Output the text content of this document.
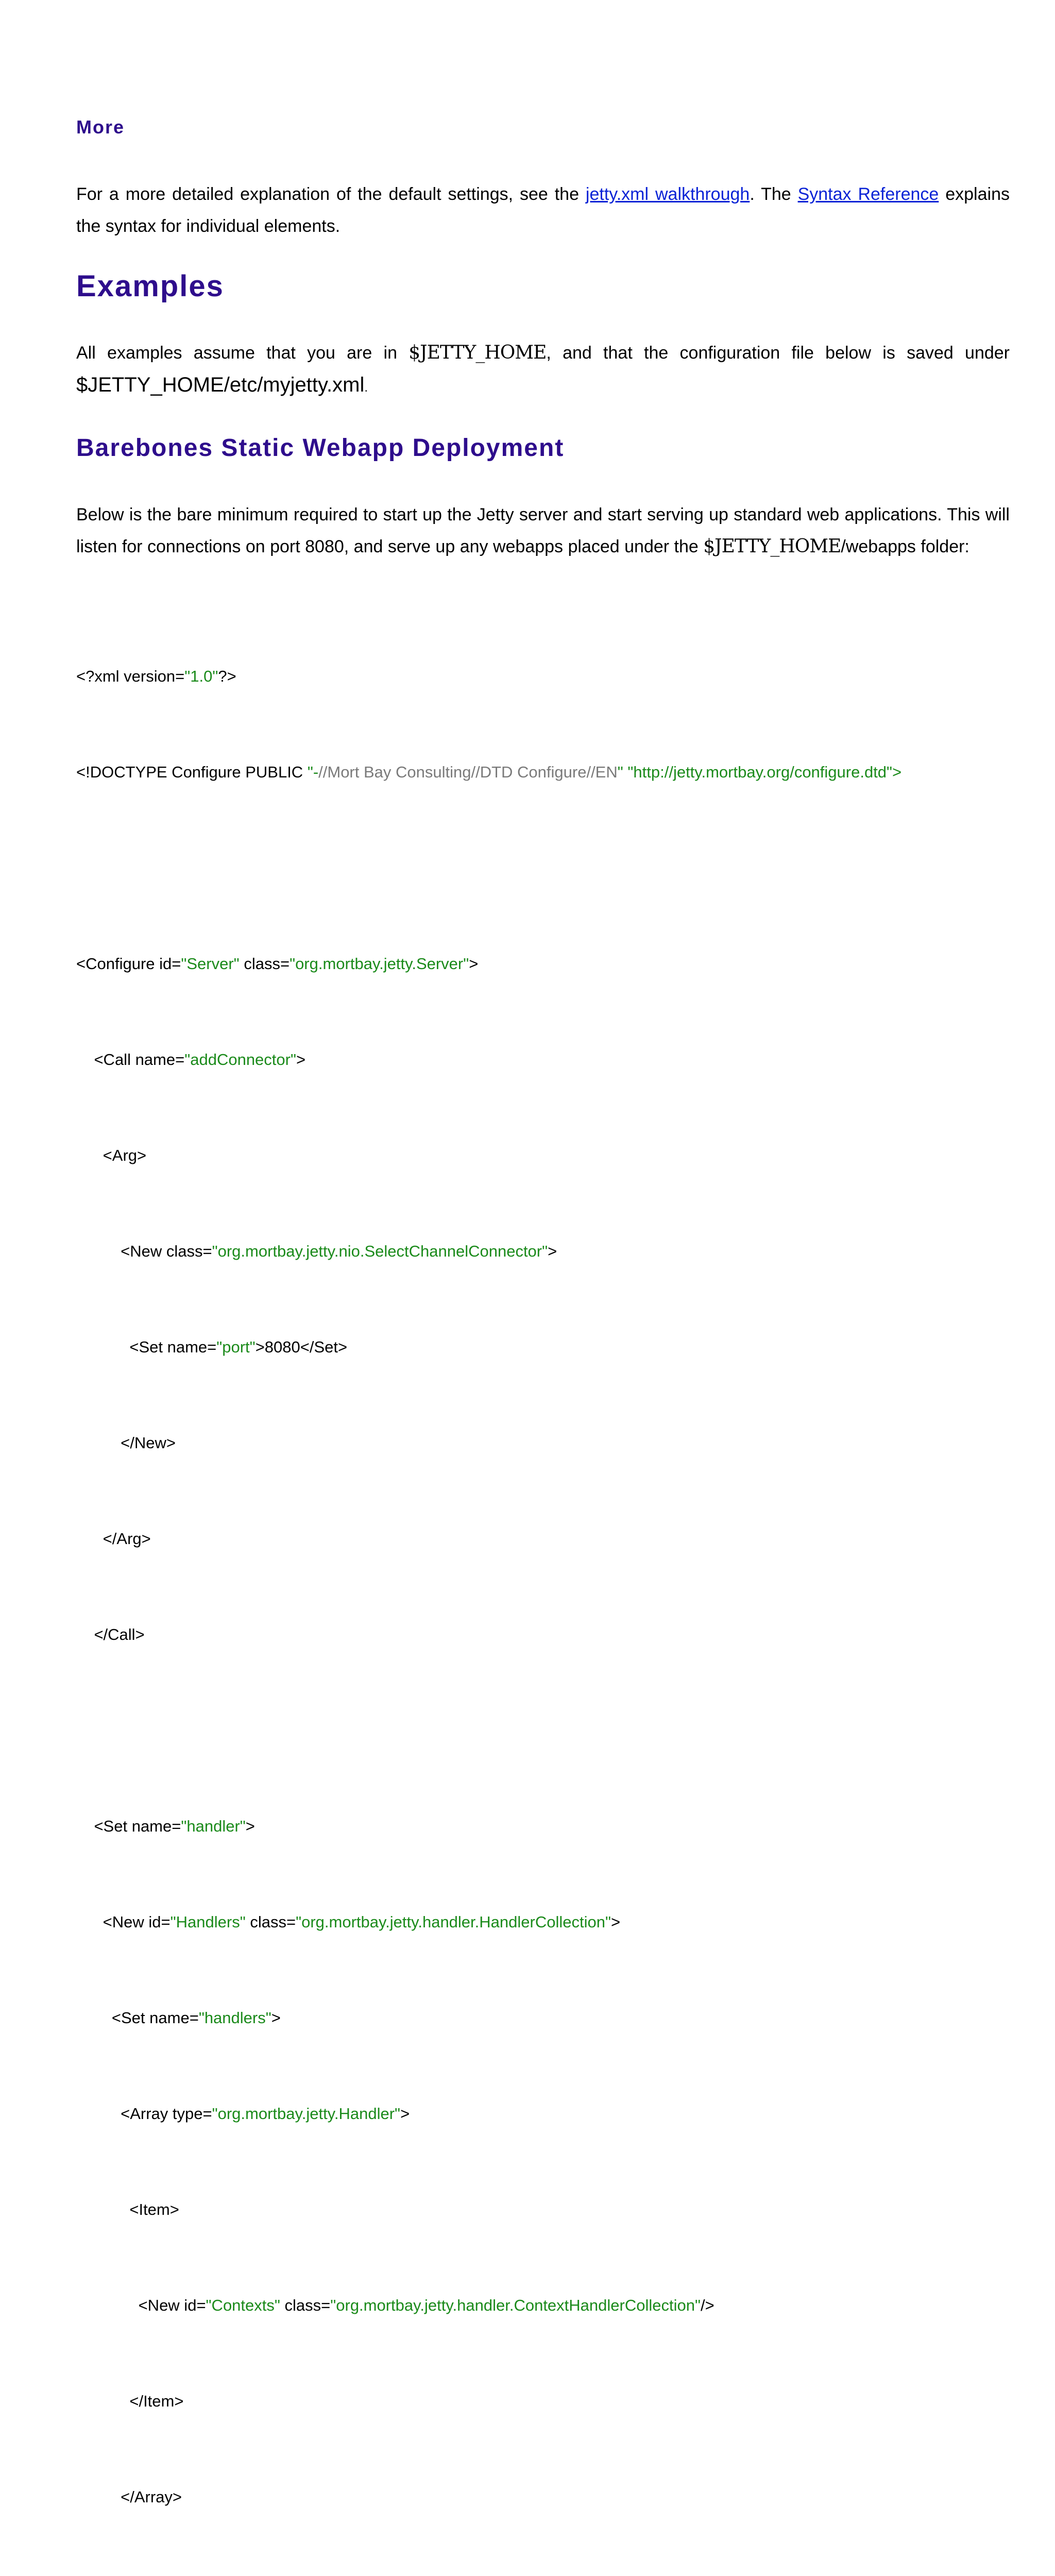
More

For a more detailed explanation of the default settings, see the jetty.xml walkthrough. The Syntax Reference explains the syntax for individual elements.

Examples

All examples assume that you are in $JETTY_HOME, and that the configuration file below is saved under $JETTY_HOME/etc/myjetty.xml.

Barebones Static Webapp Deployment

Below is the bare minimum required to start up the Jetty server and start serving up standard web applications. This will listen for connections on port 8080, and serve up any webapps placed under the $JETTY_HOME/webapps folder:

<?xml version="1.0"?>

<!DOCTYPE Configure PUBLIC "-//Mort Bay Consulting//DTD Configure//EN" "http://jetty.mortbay.org/configure.dtd">

<Configure id="Server" class="org.mortbay.jetty.Server">

<Call name="addConnector">

<Arg>

<New class="org.mortbay.jetty.nio.SelectChannelConnector">

<Set name="port">8080</Set>

</New>

</Arg>

</Call>

<Set name="handler">

<New id="Handlers" class="org.mortbay.jetty.handler.HandlerCollection">

<Set name="handlers">

<Array type="org.mortbay.jetty.Handler">

<Item>

<New id="Contexts" class="org.mortbay.jetty.handler.ContextHandlerCollection"/>

</Item>

</Array>
